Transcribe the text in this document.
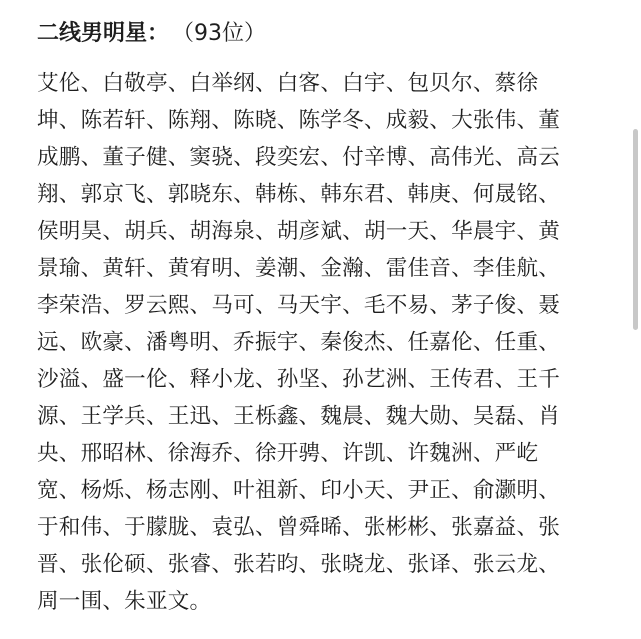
二线男明星： （93位）
艾伦、白敬亭、白举纲、白客、白宇、包贝尔、蔡徐
坤、陈若轩、陈翔、陈晓、陈学冬、成毅、大张伟、董
成鹏、董子健、窦骁、段奕宏、付辛博、高伟光、高云
翔、郭京飞、郭晓东、韩栋、韩东君、韩庚、何晟铭、
侯明昊、胡兵、胡海泉、胡彦斌、胡一天、华晨宇、黄
景瑜、黄轩、黄宥明、姜潮、金瀚、雷佳音、李佳航、
李荣浩、罗云熙、马可、马天宇、毛不易、茅子俊、聂
远、欧豪、潘粤明、乔振宇、秦俊杰、任嘉伦、任重、
沙溢、盛一伦、释小龙、孙坚、孙艺洲、王传君、王千
源、王学兵、王迅、王栎鑫、魏晨、魏大勋、吴磊、肖
央、邢昭林、徐海乔、徐开骋、许凯、许魏洲、严屹
宽、杨烁、杨志刚、叶祖新、印小天、尹正、俞灏明、
于和伟、于朦胧、袁弘、曾舜晞、张彬彬、张嘉益、张
晋、张伦硕、张睿、张若昀、张晓龙、张译、张云龙、
周一围、朱亚文。
